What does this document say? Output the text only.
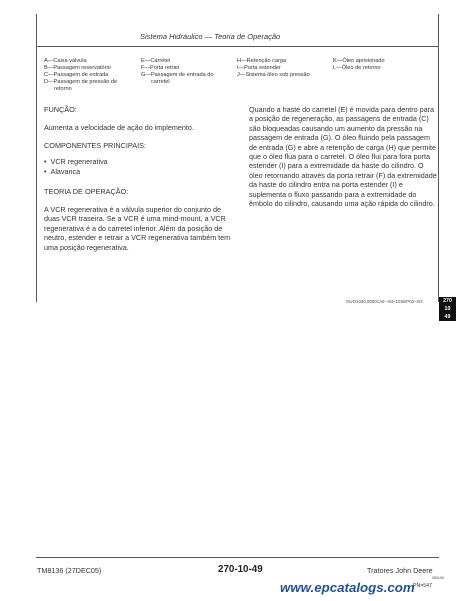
Sistema Hidráulico — Teoria de Operação
A—Caixa válvula
B—Passagem reservatório
C—Passagem de entrada
D—Passagem de pressão de
retorno
E—Carretel
F—Porta retrair
G—Passagem de entrada do
carretel
H—Retenção carga
I—Porta estender
J—Sistema óleo sob pressão
K—Óleo aprisionado
L—Óleo de retorno
FUNÇÃO:
Aumenta a velocidade de ação do implemento.
COMPONENTES PRINCIPAIS:
• VCR regenerativa
• Alavanca
TEORIA DE OPERAÇÃO:
A VCR regenerativa é a válvula superior do conjunto de duas VCR traseira. Se a VCR é uma mind-mount, a VCR regenerativa é a do carretel inferior. Além da posição de neutro, estender e retrair a VCR regenerativa também tem uma posição regenerativa.
Quando a haste do carretel (E) é movida para dentro para a posição de regeneração, as passagens de entrada (C) são bloqueadas causando um aumento da pressão na passagem de entrada (G). O óleo fluindo pela passagem de entrada (G) e abre a retenção de carga (H) que permite que o óleo flua para o carretel. O óleo flui para fora porta estender (I) para a extremidade da haste do cilindro. O óleo retornando através da porta retrair (F) da extremidade da haste do cilindro entra na porta estender (I) e suplementa o fluxo passando para a extremidade do êmbolo do cilindro, causando uma ação rápida do cilindro.
OUO1030,00001A8 –54–10SEP03–2/2	270
10
49
TM8136 (27DEC05)	270-10-49	Tratores John Deere
080106
PN=547
www.epcatalogs.com
